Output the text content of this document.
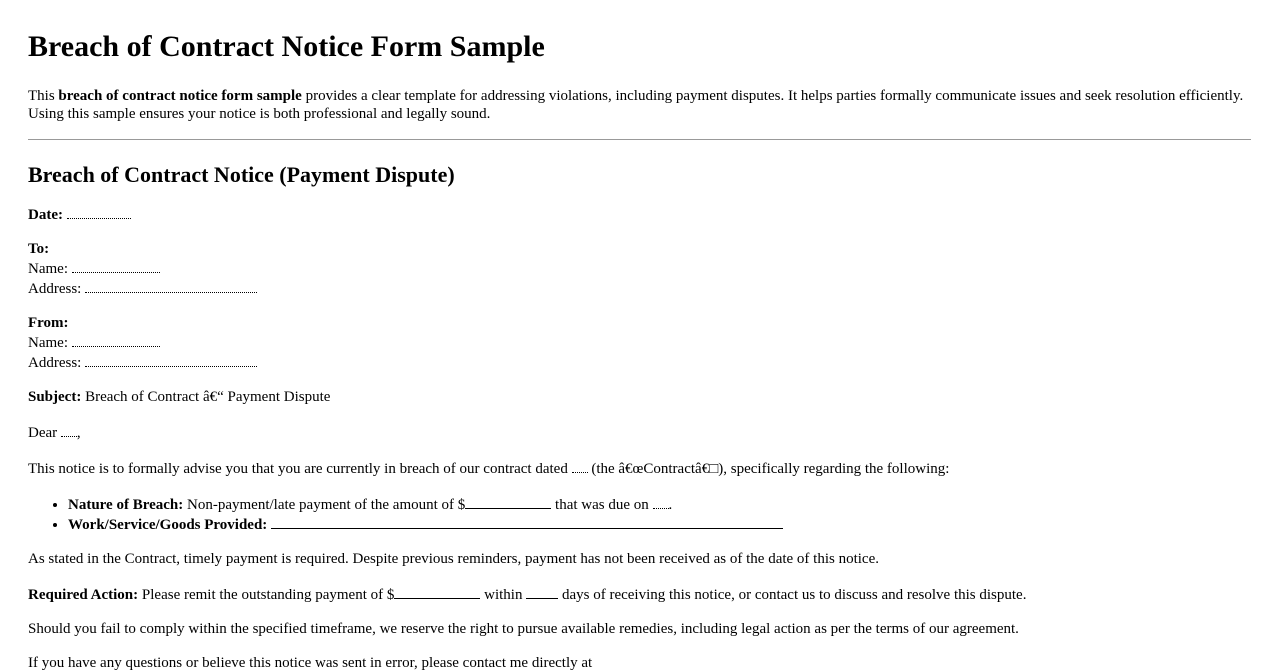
Breach of Contract Notice Form Sample

This breach of contract notice form sample provides a clear template for addressing violations, including payment disputes. It helps parties formally communicate issues and seek resolution efficiently. Using this sample ensures your notice is both professional and legally sound.

Breach of Contract Notice (Payment Dispute)

Date:

To:
Name:
Address:

From:
Name:
Address:

Subject: Breach of Contract â€“ Payment Dispute

Dear ,

This notice is to formally advise you that you are currently in breach of our contract dated  (the â€œContractâ€□), specifically regarding the following:

• Nature of Breach: Non-payment/late payment of the amount of $	that was due on .
• Work/Service/Goods Provided:

As stated in the Contract, timely payment is required. Despite previous reminders, payment has not been received as of the date of this notice.

Required Action: Please remit the outstanding payment of $	within  days of receiving this notice, or contact us to discuss and resolve this dispute.

Should you fail to comply within the specified timeframe, we reserve the right to pursue available remedies, including legal action as per the terms of our agreement.

If you have any questions or believe this notice was sent in error, please contact me directly at
